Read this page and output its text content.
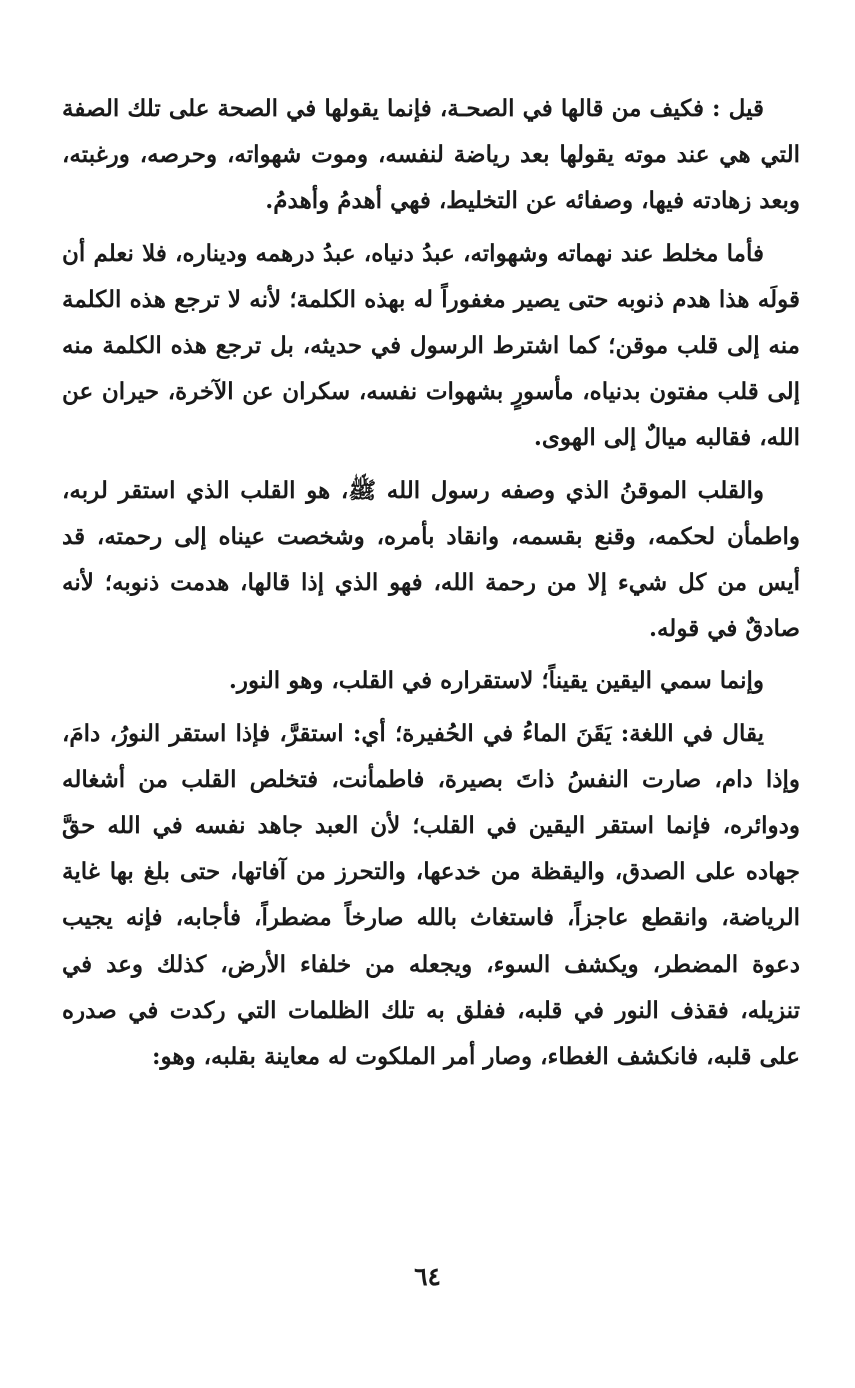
قيل : فكيف من قالها في الصحـة، فإنما يقولها في الصحة على تلك الصفة التي هي عند موته يقولها بعد رياضة لنفسه، وموت شهواته، وحرصه، ورغبته، وبعد زهادته فيها، وصفائه عن التخليط، فهي أهدمُ وأهدمُ.

فأما مخلط عند نهماته وشهواته، عبدُ دنياه، عبدُ درهمه وديناره، فلا نعلم أن قولَه هذا هدم ذنوبه حتى يصير مغفوراً له بهذه الكلمة؛ لأنه لا ترجع هذه الكلمة منه إلى قلب موقن؛ كما اشترط الرسول في حديثه، بل ترجع هذه الكلمة منه إلى قلب مفتون بدنياه، مأسورٍ بشهوات نفسه، سكران عن الآخرة، حيران عن الله، فقالبه ميالٌ إلى الهوى.

والقلب الموقنُ الذي وصفه رسول الله ﷺ، هو القلب الذي استقر لربه، واطمأن لحكمه، وقنع بقسمه، وانقاد بأمره، وشخصت عيناه إلى رحمته، قد أيس من كل شيء إلا من رحمة الله، فهو الذي إذا قالها، هدمت ذنوبه؛ لأنه صادقٌ في قوله.

وإنما سمي اليقين يقيناً؛ لاستقراره في القلب، وهو النور.

يقال في اللغة: يَقَنَ الماءُ في الحُفيرة؛ أي: استقرَّ، فإذا استقر النورُ، دامَ، وإذا دام، صارت النفسُ ذاتَ بصيرة، فاطمأنت، فتخلص القلب من أشغاله ودوائره، فإنما استقر اليقين في القلب؛ لأن العبد جاهد نفسه في الله حقَّ جهاده على الصدق، واليقظة من خدعها، والتحرز من آفاتها، حتى بلغ بها غاية الرياضة، وانقطع عاجزاً، فاستغاث بالله صارخاً مضطراً، فأجابه، فإنه يجيب دعوة المضطر، ويكشف السوء، ويجعله من خلفاء الأرض، كذلك وعد في تنزيله، فقذف النور في قلبه، ففلق به تلك الظلمات التي ركدت في صدره على قلبه، فانكشف الغطاء، وصار أمر الملكوت له معاينة بقلبه، وهو:

٦٤
